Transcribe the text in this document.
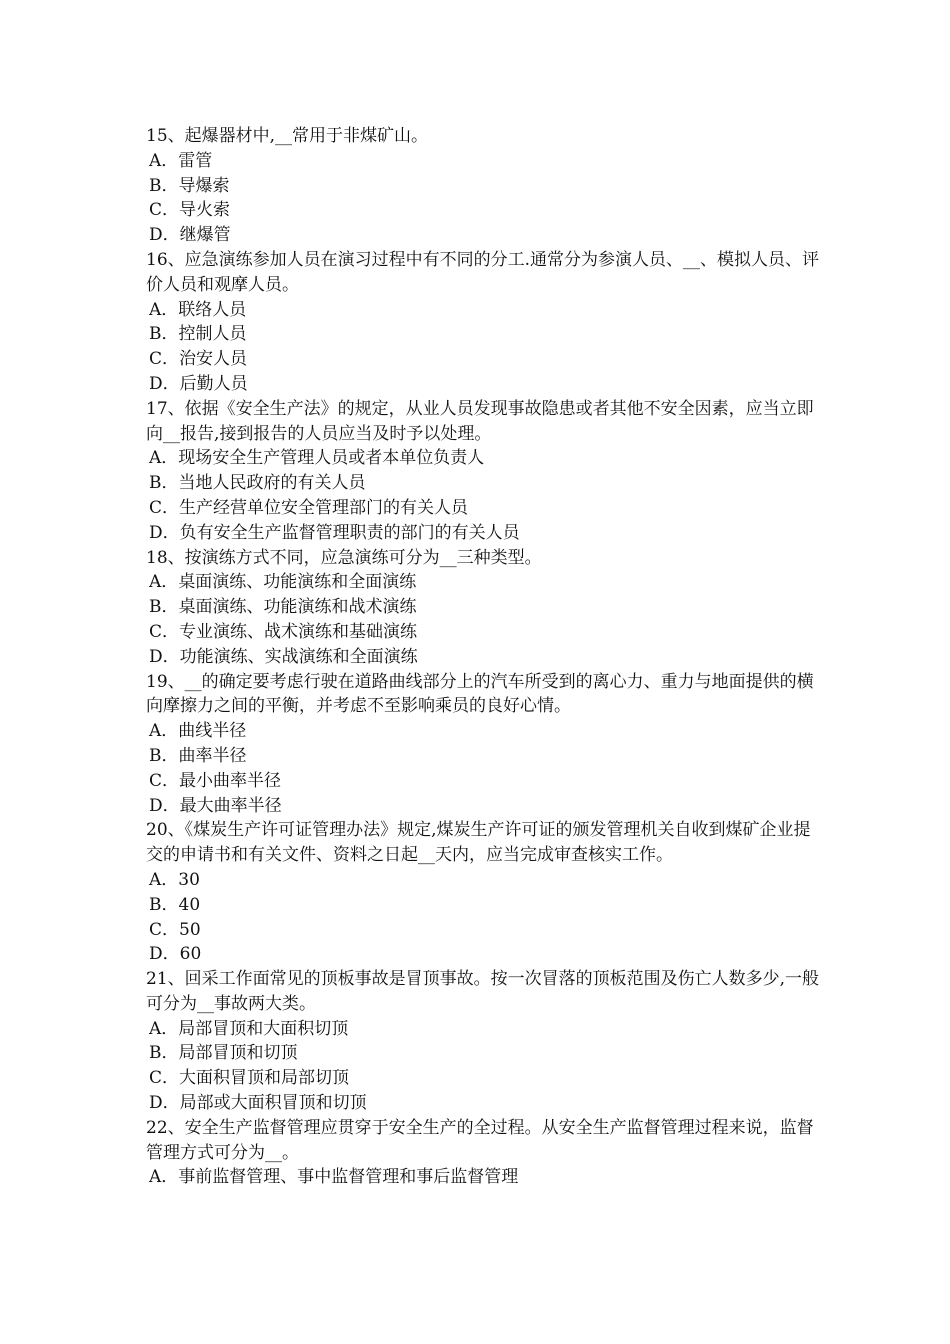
15、起爆器材中,__常用于非煤矿山。
A．雷管
B．导爆索
C．导火索
D．继爆管
16、应急演练参加人员在演习过程中有不同的分工.通常分为参演人员、__、模拟人员、评价人员和观摩人员。
A．联络人员
B．控制人员
C．治安人员
D．后勤人员
17、依据《安全生产法》的规定，从业人员发现事故隐患或者其他不安全因素，应当立即向__报告,接到报告的人员应当及时予以处理。
A．现场安全生产管理人员或者本单位负责人
B．当地人民政府的有关人员
C．生产经营单位安全管理部门的有关人员
D．负有安全生产监督管理职责的部门的有关人员
18、按演练方式不同，应急演练可分为__三种类型。
A．桌面演练、功能演练和全面演练
B．桌面演练、功能演练和战术演练
C．专业演练、战术演练和基础演练
D．功能演练、实战演练和全面演练
19、__的确定要考虑行驶在道路曲线部分上的汽车所受到的离心力、重力与地面提供的横向摩擦力之间的平衡，并考虑不至影响乘员的良好心情。
A．曲线半径
B．曲率半径
C．最小曲率半径
D．最大曲率半径
20、《煤炭生产许可证管理办法》规定,煤炭生产许可证的颁发管理机关自收到煤矿企业提交的申请书和有关文件、资料之日起__天内，应当完成审查核实工作。
A．30
B．40
C．50
D．60
21、回采工作面常见的顶板事故是冒顶事故。按一次冒落的顶板范围及伤亡人数多少,一般可分为__事故两大类。
A．局部冒顶和大面积切顶
B．局部冒顶和切顶
C．大面积冒顶和局部切顶
D．局部或大面积冒顶和切顶
22、安全生产监督管理应贯穿于安全生产的全过程。从安全生产监督管理过程来说，监督管理方式可分为__。
A．事前监督管理、事中监督管理和事后监督管理
